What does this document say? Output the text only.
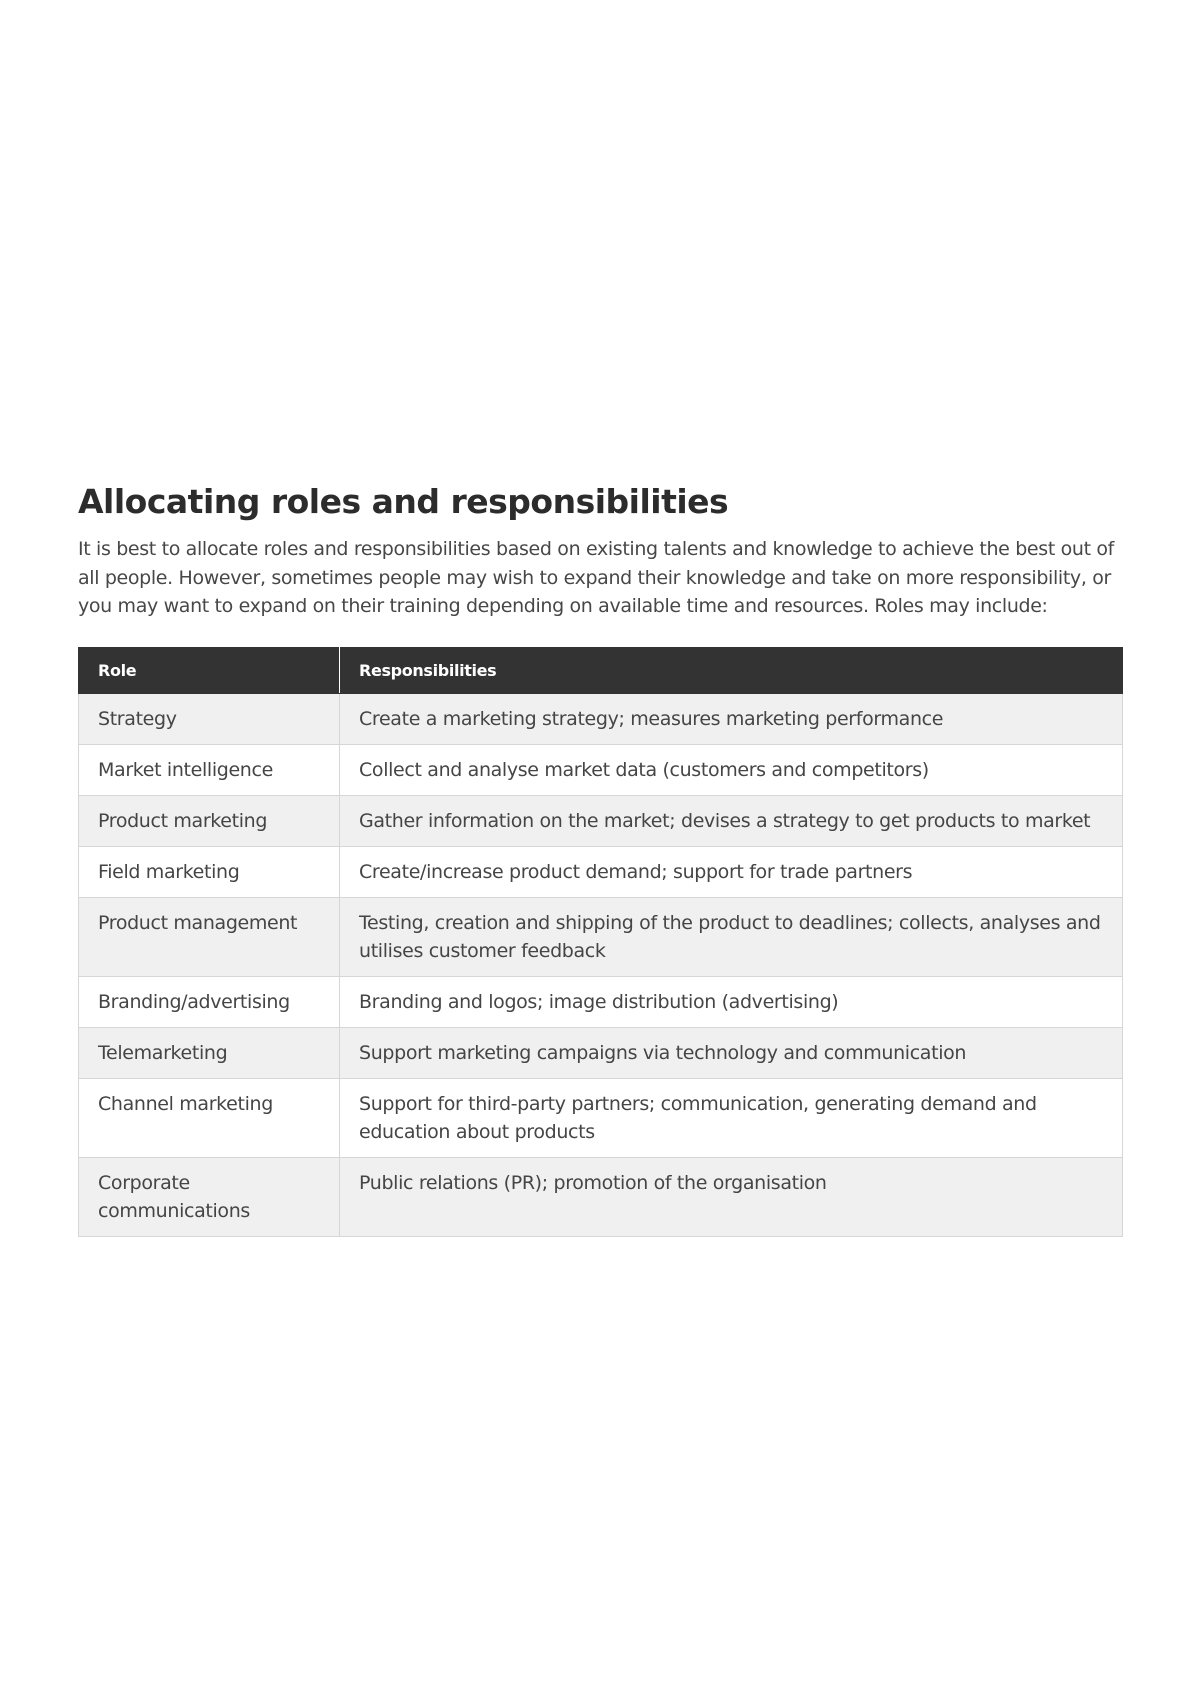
Allocating roles and responsibilities

It is best to allocate roles and responsibilities based on existing talents and knowledge to achieve the best out of all people. However, sometimes people may wish to expand their knowledge and take on more responsibility, or you may want to expand on their training depending on available time and resources. Roles may include:

Role	Responsibilities
Strategy	Create a marketing strategy; measures marketing performance
Market intelligence	Collect and analyse market data (customers and competitors)
Product marketing	Gather information on the market; devises a strategy to get products to market
Field marketing	Create/increase product demand; support for trade partners
Product management	Testing, creation and shipping of the product to deadlines; collects, analyses and utilises customer feedback
Branding/advertising	Branding and logos; image distribution (advertising)
Telemarketing	Support marketing campaigns via technology and communication
Channel marketing	Support for third-party partners; communication, generating demand and education about products
Corporate communications	Public relations (PR); promotion of the organisation
